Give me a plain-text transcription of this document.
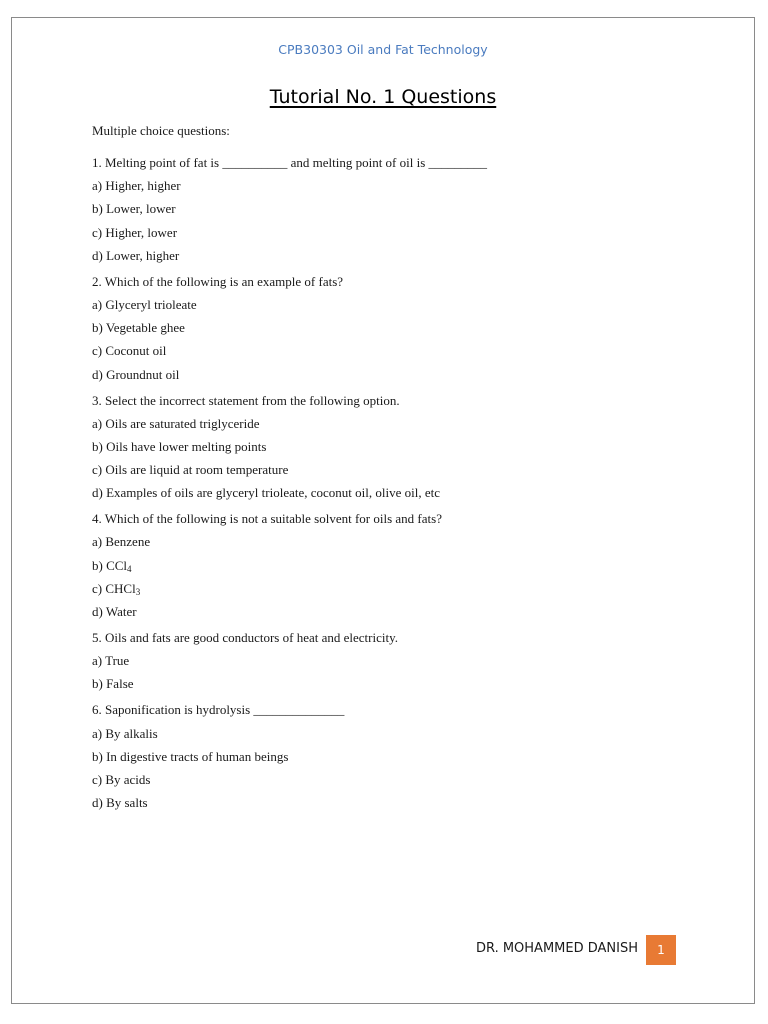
CPB30303 Oil and Fat Technology
Tutorial No. 1 Questions
Multiple choice questions:
1. Melting point of fat is __________ and melting point of oil is _________
a) Higher, higher
b) Lower, lower
c) Higher, lower
d) Lower, higher
2. Which of the following is an example of fats?
a) Glyceryl trioleate
b) Vegetable ghee
c) Coconut oil
d) Groundnut oil
3. Select the incorrect statement from the following option.
a) Oils are saturated triglyceride
b) Oils have lower melting points
c) Oils are liquid at room temperature
d) Examples of oils are glyceryl trioleate, coconut oil, olive oil, etc
4. Which of the following is not a suitable solvent for oils and fats?
a) Benzene
b) CCl$_4$
c) CHCl$_3$
d) Water
5. Oils and fats are good conductors of heat and electricity.
a) True
b) False
6. Saponification is hydrolysis ______________
a) By alkalis
b) In digestive tracts of human beings
c) By acids
d) By salts
DR. MOHAMMED DANISH	1
